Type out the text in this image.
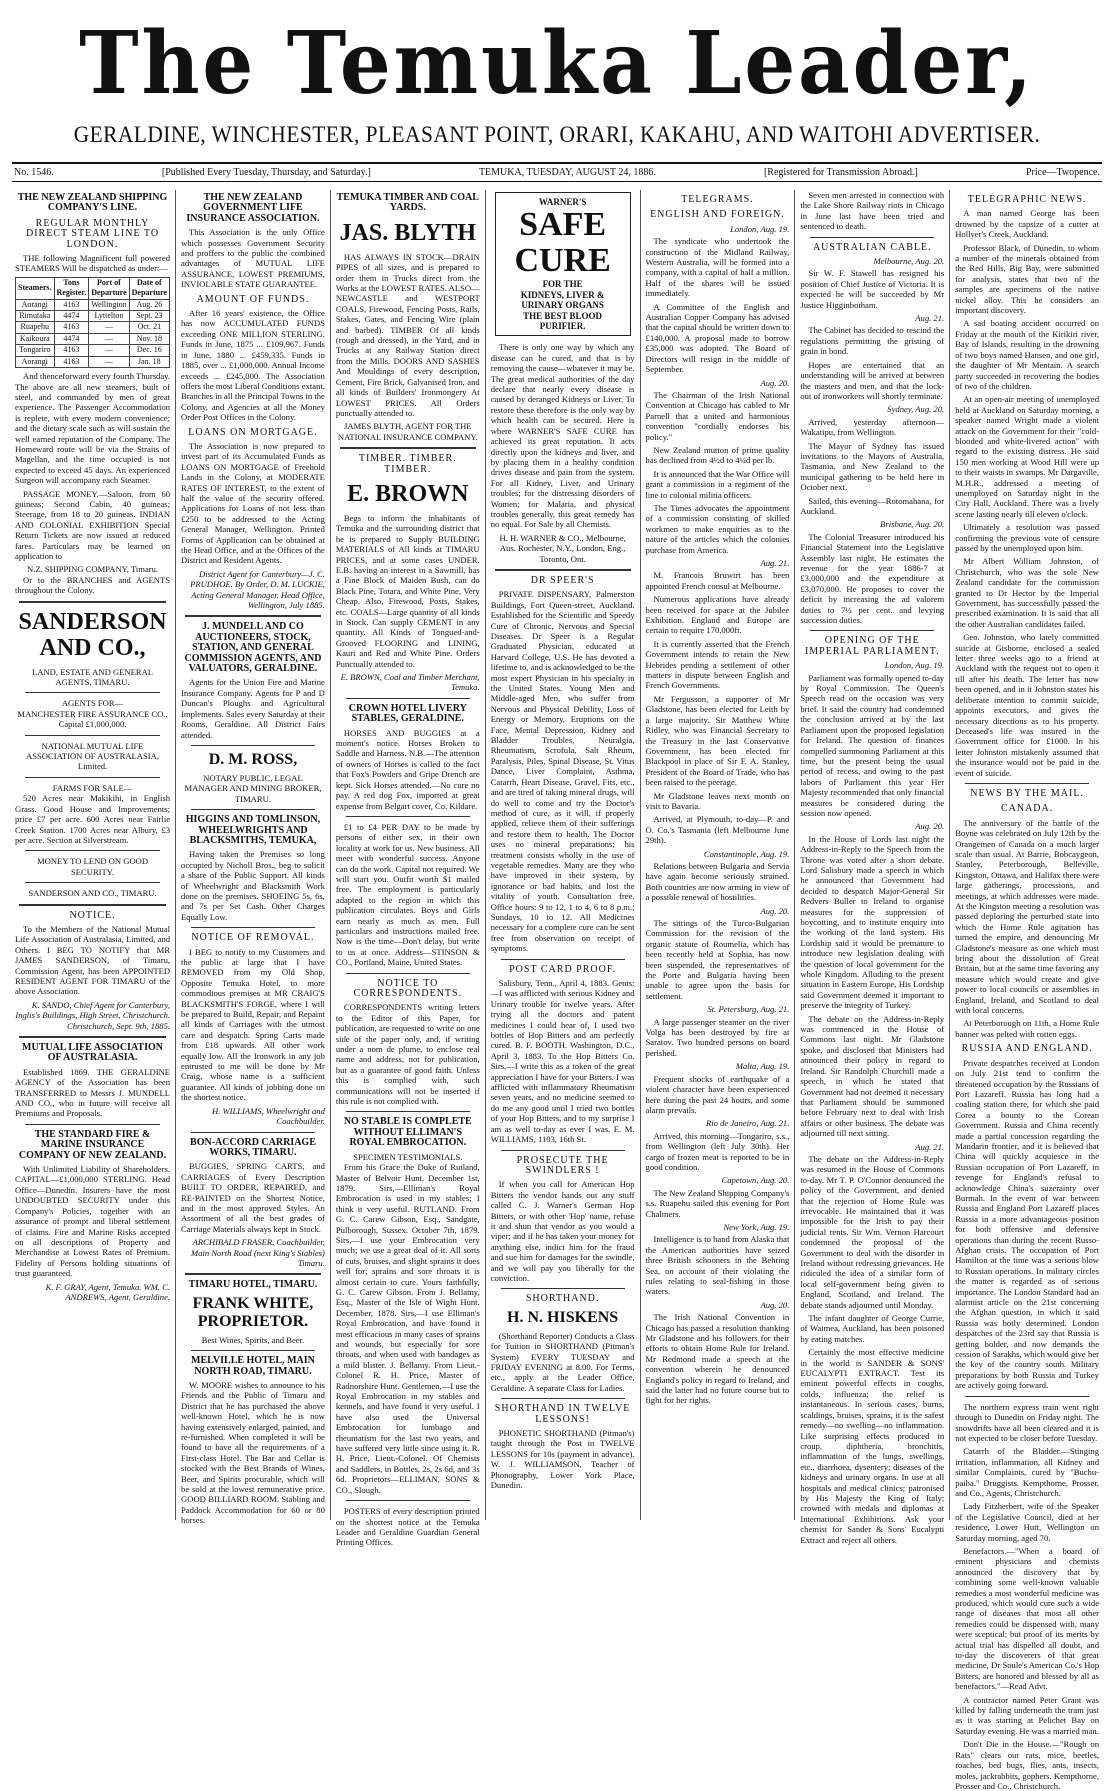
The Temuka Leader,
GERALDINE, WINCHESTER, PLEASANT POINT, ORARI, KAKAHU, AND WAITOHI ADVERTISER.
No. 1546.	[Published Every Tuesday, Thursday, and Saturday.]	TEMUKA, TUESDAY, AUGUST 24, 1886.	[Registered for Transmission Abroad.]	Price—Twopence.
THE NEW ZEALAND SHIPPING COMPANY'S LINE.
REGULAR MONTHLY DIRECT STEAM LINE TO LONDON.

THE following Magnificent full powered STEAMERS Will be dispatched as under:—

Steamers.	Tons Register.	Port of Departure	Date of Departure
Aorangi	4163	Wellington	Aug. 26
Rimutaka	4474	Lyttelton	Sept. 23
Ruapehu	4163	—	Oct. 21
Kaikoura	4474	—	Nov. 18
Tongariro	4163	—	Dec. 16
Aorangi	4163	—	Jan. 18

And thenceforward every fourth Thursday. The above are all new steamers, built of steel, and commanded by men of great experience. The Passenger Accommodation is replete, with every modern convenience; and the dietary scale such as will sustain the well earned reputation of the Company. The Homeward route will be via the Straits of Magellan, and the time occupied is not expected to exceed 45 days. An experienced Surgeon will accompany each Steamer.

PASSAGE MONEY.—Saloon, from 60 guineas; Second Cabin, 40 guineas; Steerage, from 18 to 20 guineas. INDIAN AND COLONIAL EXHIBITION Special Return Tickets are now issued at reduced fares. Particulars may be learned on application to

N.Z. SHIPPING COMPANY, Timaru.

Or to the BRANCHES and AGENTS throughout the Colony.

SANDERSON AND CO.,
LAND, ESTATE AND GENERAL AGENTS, TIMARU.
AGENTS FOR—
MANCHESTER FIRE ASSURANCE CO., Capital £1,000,000.
NATIONAL MUTUAL LIFE ASSOCIATION OF AUSTRALASIA, Limited.
FARMS FOR SALE—

520 Acres near Makikihi, in English Grass. Good House and Improvements; price £7 per acre. 600 Acres near Fairlie Creek Station. 1700 Acres near Albury, £3 per acre. Section at Silverstream.

MONEY TO LEND ON GOOD SECURITY.
SANDERSON AND CO., TIMARU.
NOTICE.

To the Members of the National Mutual Life Association of Australasia, Limited, and Others. I BEG TO NOTIFY that MR JAMES SANDERSON, of Timaru, Commission Agent, has been APPOINTED RESIDENT AGENT FOR TIMARU of the above Association.

K. SANDO, Chief Agent for Canterbury, Inglis's Buildings, High Street, Christchurch. Christchurch, Sept. 9th, 1885.
MUTUAL LIFE ASSOCIATION OF AUSTRALASIA.

Established 1869. THE GERALDINE AGENCY of the Association has been TRANSFERRED to Messrs J. MUNDELL AND CO., who in future will receive all Premiums and Proposals.

THE STANDARD FIRE & MARINE INSURANCE COMPANY OF NEW ZEALAND.

With Unlimited Liability of Shareholders. CAPITAL—£1,000,000 STERLING. Head Office—Dunedin. Insurers have the most UNDOUBTED SECURITY under this Company's Policies, together with an assurance of prompt and liberal settlement of claims. Fire and Marine Risks accepted on all descriptions of Property and Merchandise at Lowest Rates of Premium. Fidelity of Persons holding situations of trust guaranteed.

K. F. GRAY, Agent, Temuka. WM. C. ANDREWS, Agent, Geraldine.
THE NEW ZEALAND GOVERNMENT LIFE INSURANCE ASSOCIATION.

This Association is the only Office which possesses Government Security and proffers to the public the combined advantages of MUTUAL LIFE ASSURANCE, LOWEST PREMIUMS, INVIOLABLE STATE GUARANTEE.

AMOUNT OF FUNDS.

After 16 years' existence, the Office has now ACCUMULATED FUNDS exceeding ONE MILLION STERLING. Funds in June, 1875 ... £109,967. Funds in June, 1880 ... £459,335. Funds in 1885, over ... £1,000,000. Annual Income exceeds ... £245,000. The Association offers the most Liberal Conditions extant. Branches in all the Principal Towns in the Colony, and Agencies at all the Money Order Post Offices in the Colony.

LOANS ON MORTGAGE.

The Association is now prepared to invest part of its Accumulated Funds as LOANS ON MORTGAGE of Freehold Lands in the Colony, at MODERATE RATES OF INTEREST, to the extent of half the value of the security offered. Applications for Loans of not less than £250 to be addressed to the Acting General Manager, Wellington. Printed Forms of Application can be obtained at the Head Office, and at the Offices of the District and Resident Agents.

District Agent for Canterbury—J. C. PRUDHOE. By Order, D. M. LUCKIE, Acting General Manager. Head Office, Wellington, July 1885.
J. MUNDELL AND CO AUCTIONEERS, STOCK, STATION, AND GENERAL COMMISSION AGENTS, AND VALUATORS, GERALDINE.

Agents for the Union Fire and Marine Insurance Company. Agents for P and D Duncan's Ploughs and Agricultural Implements. Sales every Saturday at their Rooms, Geraldine. All District Fairs attended.

D. M. ROSS,
NOTARY PUBLIC, LEGAL MANAGER AND MINING BROKER, TIMARU.
HIGGINS AND TOMLINSON, WHEELWRIGHTS AND BLACKSMITHS, TEMUKA,

Having taken the Premises so long occupied by Nicholl Bros., beg to solicit a share of the Public Support. All kinds of Wheelwright and Blacksmith Work done on the premises. SHOEING 5s, 6s, and 7s per Set Cash. Other Charges Equally Low.

NOTICE OF REMOVAL.

I BEG to notify to my Customers and the public at large that I have REMOVED from my Old Shop, Opposite Temuka Hotel, to more commodious premises at MR CRAIG'S BLACKSMITH'S FORGE, where I will be prepared to Build, Repair, and Repaint all kinds of Carriages with the utmost care and despatch. Spring Carts made from £18 upwards. All other work equally low. All the Ironwork in any job entrusted to me will be done by Mr Craig, whose name is a sufficient guarantee. All kinds of jobbing done on the shortest notice.

H. WILLIAMS, Wheelwright and Coachbuilder.
BON-ACCORD CARRIAGE WORKS, TIMARU.

BUGGIES, SPRING CARTS, and CARRIAGES of Every Description BUILT TO ORDER, REPAIRED, and RE-PAINTED on the Shortest Notice, and in the most approved Styles. An Assortment of all the best grades of Carriage Materials always kept in Stock.

ARCHIBALD FRASER, Coachbuilder, Main North Road (next King's Stables) Timaru.
TIMARU HOTEL, TIMARU.
FRANK WHITE, PROPRIETOR.
Best Wines, Spirits, and Beer.
MELVILLE HOTEL, MAIN NORTH ROAD, TIMARU.

W. MOORE wishes to announce to his Friends and the Public of Timaru and District that he has purchased the above well-known Hotel, which he is now having extensively enlarged, painted, and re-furnished. When completed it will be found to have all the requirements of a First-class Hotel. The Bar and Cellar is stocked with the Best Brands of Wines, Beer, and Spirits procurable, which will be sold at the lowest remunerative price. GOOD BILLIARD ROOM. Stabling and Paddock Accommodation for 60 or 80 horses.

TEMUKA TIMBER AND COAL YARDS.
JAS. BLYTH

HAS ALWAYS IN STOCK—DRAIN PIPES of all sizes, and is prepared to order them in Trucks direct from the Works at the LOWEST RATES. ALSO—NEWCASTLE and WESTPORT COALS, Firewood, Fencing Posts, Rails, Stakes, Gates, and Fencing Wire (plain and barbed). TIMBER Of all kinds (rough and dressed), in the Yard, and in Trucks at any Railway Station direct from the Mills. DOORS AND SASHES And Mouldings of every description, Cement, Fire Brick, Galvanised Iron, and all kinds of Builders' Ironmongery At LOWEST PRICES. All Orders punctually attended to.

JAMES BLYTH, AGENT FOR THE NATIONAL INSURANCE COMPANY.
TIMBER. TIMBER. TIMBER.
E. BROWN

Begs to inform the inhabitants of Temuka and the surrounding district that he is prepared to Supply BUILDING MATERIALS of All kinds at TIMARU PRICES, and at some cases UNDER. E.B. having an interest in a Sawmill, has a Fine Block of Maiden Bush, can do Black Pine, Totara, and White Pine, Very Cheap. Also, Firewood, Posts, Stakes, etc. COALS—Large quantity of all kinds in Stock. Can supply CEMENT in any quantity. All Kinds of Tongued-and-Grooved FLOORING and LINING, Kauri and Red and White Pine. Orders Punctually attended to.

E. BROWN, Coal and Timber Merchant, Temuka.
CROWN HOTEL LIVERY STABLES, GERALDINE.

HORSES AND BUGGIES at a moment's notice. Horses Broken to Saddle and Harness. N.B.—The attention of owners of Horses is called to the fact that Fox's Powders and Gripe Drench are kept. Sick Horses attended.—No cure no pay. A red dog Fox, imported at great expense from Belgart cover, Co. Kildare.

£1 to £4 PER DAY to be made by persons of either sex, in their own locality at work for us. New business. All meet with wonderful success. Anyone can do the work. Capital not required. We will start you. Outfit worth $1 mailed free. The employment is particularly adapted to the region in which this publication circulates. Boys and Girls earn nearly as much as men. Full particulars and instructions mailed free. Now is the time—Don't delay, but write to us at once. Address—STINSON & CO., Portland, Maine, United States.

NOTICE TO CORRESPONDENTS.

CORRESPONDENTS writing letters to the Editor of this Paper, for publication, are requested to write on one side of the paper only, and, if writing under a nom de plume, to enclose real name and address, not for publication, but as a guarantee of good faith. Unless this is complied with, such communications will not be inserted if this rule is not complied with.

NO STABLE IS COMPLETE WITHOUT ELLIMAN'S ROYAL EMBROCATION.
SPECIMEN TESTIMONIALS.

From his Grace the Duke of Rutland, Master of Belvoir Hunt. December 1st, 1879. Sirs,—Elliman's Royal Embrocation is used in my stables; I think it very useful. RUTLAND. From G. C. Carew Gibson, Esq., Sandgate, Pulborough, Sussex. October 7th, 1879. Sirs,—I use your Embrocation very much; we use a great deal of it. All sorts of cuts, bruises, and slight sprains it does well for; sprains and sore throats it is almost certain to cure. Yours faithfully, G. C. Carew Gibson. From J. Bellamy, Esq., Master of the Isle of Wight Hunt. December, 1878. Sirs,—I use Elliman's Royal Embrocation, and have found it most efficacious in many cases of sprains and wounds, but especially for sore throats, and when used with bandages as a mild blister. J. Bellamy. From Lieut.-Colonel R. H. Price, Master of Radnorshire Hunt. Gentlemen,—I use the Royal Embrocation in my stables and kennels, and have found it very useful. I have also used the Universal Embrocation for lumbago and rheumatism for the last two years, and have suffered very little since using it. R. H. Price, Lieut.-Colonel. Of Chemists and Saddlers, in Bottles, 2s, 2s 6d, and 3s 6d. Proprietors—ELLIMAN, SONS & CO., Slough.

POSTERS of every description printed on the shortest notice at the Temuka Leader and Geraldine Guardian General Printing Offices.

WARNER'S
SAFE
CURE
FOR THE
KIDNEYS, LIVER & URINARY ORGANS
THE BEST BLOOD PURIFIER.

There is only one way by which any disease can be cured, and that is by removing the cause—whatever it may be. The great medical authorities of the day declare that nearly every disease is caused by deranged Kidneys or Liver. To restore these therefore is the only way by which health can be secured. Here is where WARNER'S SAFE CURE has achieved its great reputation. It acts directly upon the kidneys and liver, and by placing them in a healthy condition drives disease and pain from the system. For all Kidney, Liver, and Urinary troubles; for the distressing disorders of Women; for Malaria, and physical troubles generally, this great remedy has no equal. For Sale by all Chemists.

H. H. WARNER & CO., Melbourne, Aus. Rochester, N.Y., London, Eng., Toronto, Ont.
DR SPEER'S

PRIVATE DISPENSARY, Palmerston Buildings, Fort Queen-street, Auckland. Established for the Scientific and Speedy Cure of Chronic, Nervous and Special Diseases. Dr Speer is a Regular Graduated Physician, educated at Harvard College, U.S. He has devoted a lifetime to, and is acknowledged to be the most expert Physician in his specialty in the United States. Young Men and Middle-aged Men, who suffer from Nervous and Physical Debility, Loss of Energy or Memory, Eruptions on the Face, Mental Depression, Kidney and Bladder Troubles, Neuralgia, Rheumatism, Scrofula, Salt Rheum, Paralysis, Piles, Spinal Disease, St. Vitus Dance, Liver Complaint, Asthma, Catarrh, Heart Disease, Gravel, Fits, etc., and are tired of taking mineral drugs, will do well to come and try the Doctor's method of cure, as it will, if properly applied, relieve them of their sufferings and restore them to health. The Doctor uses no mineral preparations; his treatment consists wholly in the use of vegetable remedies. Many are they who have improved in their system, by ignorance or bad habits, and lost the vitality of youth. Consultation free. Office hours: 9 to 12, 1 to 4, 6 to 8 p.m.; Sundays, 10 to 12. All Medicines necessary for a complete cure can be sent free from observation on receipt of symptoms.

POST CARD PROOF.

Salisbury, Tenn., April 4, 1883. Gents:—I was afflicted with serious Kidney and Urinary trouble for twelve years. After trying all the doctors and patent medicines I could hear of, I used two bottles of Hop Bitters and am perfectly cured. B. F. BOOTH. Washington, D.C., April 3, 1883. To the Hop Bitters Co. Sirs,—I write this as a token of the great appreciation I have for your Bitters. I was afflicted with inflammatory Rheumatism seven years, and no medicine seemed to do me any good until I tried two bottles of your Hop Bitters, and to my surprise I am as well to-day as ever I was. E. M. WILLIAMS, 1103, 16th St.

PROSECUTE THE SWINDLERS !

If when you call for American Hop Bitters the vendor hands out any stuff called C. J. Warner's German Hop Bitters, or with other 'Hop' name, refuse it and shun that vendor as you would a viper; and if he has taken your money for anything else, indict him for the fraud and sue him for damages for the swindle, and we will pay you liberally for the conviction.

SHORTHAND.
H. N. HISKENS

(Shorthand Reporter) Conducts a Class for Tuition in SHORTHAND (Pitman's System) EVERY TUESDAY and FRIDAY EVENING at 8.00. For Terms, etc., apply at the Leader Office, Geraldine. A separate Class for Ladies.

SHORTHAND IN TWELVE LESSONS!

PHONETIC SHORTHAND (Pitman's) taught through the Post in TWELVE LESSONS for 10s (payment in advance). W. J. WILLIAMSON, Teacher of Phonography, Lower York Place, Dunedin.

TELEGRAMS.
ENGLISH AND FOREIGN.
London, Aug. 19.

The syndicate who undertook the construction of the Midland Railway, Western Australia, will be formed into a company, with a capital of half a million. Half of the shares will be issued immediately.

A Committee of the English and Australian Copper Company has advised that the capital should be written down to £140,000. A proposal made to borrow £35,000 was adopted. The Board of Directors will resign in the middle of September.

Aug. 20.

The Chairman of the Irish National Convention at Chicago has cabled to Mr Parnell that a united and harmonious convention "cordially endorses his policy."

New Zealand mutton of prime quality has declined from 4½d to 4¼d per lb.

It is announced that the War Office will grant a commission in a regiment of the line to colonial militia officers.

The Times advocates the appointment of a commission consisting of skilled workmen to make enquiries as to the nature of the articles which the colonies purchase from America.

Aug. 21.

M. Francois Bruwirt has been appointed French consul at Melbourne.

Numerous applications have already been received for space at the Jubilee Exhibition. England and Europe are certain to require 170,000ft.

It is currently asserted that the French Government intends to retain the New Hebrides pending a settlement of other matters in dispute between English and French Governments.

Mr Fergusson, a supporter of Mr Gladstone, has been elected for Leith by a large majority. Sir Matthew White Ridley, who was Financial Secretary to the Treasury in the last Conservative Government, has been elected for Blackpool in place of Sir F. A. Stanley, President of the Board of Trade, who has been raised to the peerage.

Mr Gladstone leaves next month on visit to Bavaria.

Arrived, at Plymouth, to-day—P. and O. Co.'s Tasmania (left Melbourne June 29th).

Constantinople, Aug. 19.

Relations between Bulgaria and Servia have again become seriously strained. Both countries are now arming in view of a possible renewal of hostilities.

Aug. 20.

The sittings of the Turco-Bulgarian Commission for the revision of the organic statute of Roumelia, which has been recently held at Sophia, has now been suspended, the representatives of the Porte and Bulgaria having been unable to agree upon the basis for settlement.

St. Petersburg, Aug. 21.

A large passenger steamer on the river Volga has been destroyed by fire at Saratov. Two hundred persons on board perished.

Malta, Aug. 19.

Frequent shocks of earthquake of a violent character have been experienced here during the past 24 hours, and some alarm prevails.

Rio de Janeiro, Aug. 21.

Arrived, this morning—Tongariro, s.s., from Wellington (left July 30th). Her cargo of frozen meat is reported to be in good condition.

Capetown, Aug. 20.

The New Zealand Shipping Company's s.s. Ruapehu sailed this evening for Port Chalmers.

New York, Aug. 19.

Intelligence is to hand from Alaska that the American authorities have seized three British schooners in the Behring Sea, on account of their violating the rules relating to seal-fishing in those waters.

Aug. 20.

The Irish National Convention in Chicago has passed a resolution thanking Mr Gladstone and his followers for their efforts to obtain Home Rule for Ireland. Mr Redmond made a speech at the convention wherein he denounced England's policy in regard to Ireland, and said the latter had no future course but to fight for her rights.

Seven men arrested in connection with the Lake Shore Railway riots in Chicago in June last have been tried and sentenced to death.

AUSTRALIAN CABLE.
Melbourne, Aug. 20.

Sir W. F. Stawell has resigned his position of Chief Justice of Victoria. It is expected he will be succeeded by Mr Justice Higginbotham.

Aug. 21.

The Cabinet has decided to rescind the regulations permitting the gristing of grain in bond.

Hopes are entertained that an understanding will be arrived at between the masters and men, and that the lock-out of ironworkers will shortly terminate.

Sydney, Aug. 20.

Arrived, yesterday afternoon—Wakatipu, from Wellington.

The Mayor of Sydney has issued invitations to the Mayors of Australia, Tasmania, and New Zealand to the municipal gathering to be held here in October next.

Sailed, this evening—Rotomahana, for Auckland.

Brisbane, Aug. 20.

The Colonial Treasurer introduced his Financial Statement into the Legislative Assembly last night. He estimates the revenue for the year 1886-7 at £3,000,000 and the expenditure at £3,070,000. He proposes to cover the deficit by increasing the ad valorem duties to 7½ per cent. and levying succession duties.

OPENING OF THE IMPERIAL PARLIAMENT.
London, Aug. 19.

Parliament was formally opened to-day by Royal Commission. The Queen's Speech read on the occasion was very brief. It said the country had condemned the conclusion arrived at by the last Parliament upon the proposed legislation for Ireland. The question of finances compelled summoning Parliament at this time, but the present being the usual period of recess, and owing to the past labors of Parliament this year Her Majesty recommended that only financial measures be considered during the session now opened.

Aug. 20.

In the House of Lords last night the Address-in-Reply to the Speech from the Throne was voted after a short debate. Lord Salisbury made a speech in which he announced that Government had decided to despatch Major-General Sir Redvers Buller to Ireland to organise measures for the suppression of boycotting, and to institute enquiry into the working of the land system. His Lordship said it would be premature to introduce new legislation dealing with the question of local government for the whole Kingdom. Alluding to the present situation in Eastern Europe, His Lordship said Government deemed it important to preserve the integrity of Turkey.

The debate on the Address-in-Reply was commenced in the House of Commons last night. Mr Gladstone spoke, and disclosed that Ministers had announced their policy in regard to Ireland. Sir Randolph Churchill made a speech, in which he stated that Government had not deemed it necessary that Parliament should be summoned before February next to deal with Irish affairs or other business. The debate was adjourned till next sitting.

Aug. 21.

The debate on the Address-in-Reply was resumed in the House of Commons to-day. Mr T. P. O'Connor denounced the policy of the Government, and denied that the rejection of Home Rule was irrevocable. He maintained that it was impossible for the Irish to pay their judicial rents. Sir Wm. Vernon Harcourt condemned the proposal of the Government to deal with the disorder in Ireland without redressing grievances. He ridiculed the idea of a similar form of local self-government being given to England, Scotland, and Ireland. The debate stands adjourned until Monday.

The infant daughter of George Currie, of Waimea, Auckland, has been poisoned by eating matches.

Certainly the most effective medicine in the world is SANDER & SONS' EUCALYPTI EXTRACT. Test its eminent powerful effects in coughs, colds, influenza; the relief is instantaneous. In serious cases, burns, scaldings, bruises, sprains, it is the safest remedy—no swelling—no inflammation. Like surprising effects produced in croup, diphtheria, bronchitis, inflammation of the lungs, swellings, etc., diarrhoea, dysentery; diseases of the kidneys and urinary organs. In use at all hospitals and medical clinics; patronised by His Majesty the King of Italy; crowned with medals and diplomas at International Exhibitions. Ask your chemist for Sander & Sons' Eucalypti Extract and reject all others.

TELEGRAPHIC NEWS.

A man named George has been drowned by the capsize of a cutter at Hollyer's Creek, Auckland.

Professor Black, of Dunedin, to whom a number of the minerals obtained from the Red Hills, Big Bay, were submitted for analysis, states that two of the samples are specimens of the native nickel alloy. This he considers an important discovery.

A sad boating accident occurred on Friday at the mouth of the Kirikiri river, Bay of Islands, resulting in the drowning of two boys named Hansen, and one girl, the daughter of Mr Mentain. A search party succeeded in recovering the bodies of two of the children.

At an open-air meeting of unemployed held at Auckland on Saturday morning, a speaker named Wright made a violent attack on the Government for their "cold-blooded and white-livered action" with regard to the existing distress. He said 150 men working at Wood Hill were up to their waists in swamps. Mr Dargaville, M.H.R., addressed a meeting of unemployed on Saturday night in the City Hall, Auckland. There was a lively scene lasting nearly till eleven o'clock.

Ultimately a resolution was passed confirming the previous vote of censure passed by the unemployed upon him.

Mr Albert William Johnston, of Christchurch, who was the sole New Zealand candidate for the commission granted to Dr Hector by the Imperial Government, has successfully passed the prescribed examination. It is said that all the other Australian candidates failed.

Geo. Johnston, who lately committed suicide at Gisborne, enclosed a sealed letter three weeks ago to a friend at Auckland with the request not to open it till after his death. The letter has now been opened, and in it Johnston states his deliberate intention to commit suicide, appoints executors, and gives the necessary directions as to his property. Deceased's life was insured in the Government office for £1000. In his letter Johnston mistakenly assumed that the insurance would not be paid in the event of suicide.

NEWS BY THE MAIL.
CANADA.

The anniversary of the battle of the Boyne was celebrated on July 12th by the Orangemen of Canada on a much larger scale than usual. At Barrie, Bobcaygeon, Stanley, Peterborough, Belleville, Kingston, Ottawa, and Halifax there were large gatherings, processions, and meetings, at which addresses were made. At the Kingston meeting a resolution was passed deploring the perturbed state into which the Home Rule agitation has turned the empire, and denouncing Mr Gladstone's measure as one which must bring about the dissolution of Great Britain, but at the same time favoring any measure which would create and give power to local councils or assemblies in England, Ireland, and Scotland to deal with local concerns.

At Peterborough on 11th, a Home Rule banner was pelted with rotten eggs.

RUSSIA AND ENGLAND.

Private despatches received at London on July 21st tend to confirm the threatened occupation by the Russians of Port Lazareff. Russia has long had a coaling station there, for which she paid Corea a bounty to the Corean Government. Russia and China recently made a partial concession regarding the Mandarin frontier, and it is believed that China will quickly acquiesce in the Russian occupation of Port Lazareff, in revenge for England's refusal to acknowledge China's suzerainty over Burmah. In the event of war between Russia and England Port Lazareff places Russia in a more advantageous position for both offensive and defensive operations than during the recent Russo-Afghan crisis. The occupation of Port Hamilton at the time was a serious blow to Russian operations. In military circles the matter is regarded as of serious importance. The London Standard had an alarmist article on the 21st concerning the Afghan question, in which it said Russia was hotly determined. London despatches of the 23rd say that Russia is getting bolder, and now demands the cession of Sarakhs, which would give her the key of the country south. Military preparations by both Russia and Turkey are actively going forward.

The northern express train went right through to Dunedin on Friday night. The snowdrifts have all been cleared and it is not expected to be closer before Tuesday.

Catarrh of the Bladder.—Stinging irritation, inflammation, all Kidney and similar Complaints, cured by "Buchu-paiba." Druggists. Kempthorne, Prosser, and Co., Agents, Christchurch.

Lady Fitzherbert, wife of the Speaker of the Legislative Council, died at her residence, Lower Hutt, Wellington on Saturday morning, aged 70.

Benefactors.—"When a board of eminent physicians and chemists announced the discovery that by combining some well-known valuable remedies a most wonderful medicine was produced, which would cure such a wide range of diseases that most all other remedies could be dispensed with, many were sceptical; but proof of its merits by actual trial has dispelled all doubt, and to-day the discoverers of that great medicine, Dr Soule's American Co.'s Hop Bitters, are honored and blessed by all as benefactors."—Read Advt.

A contractor named Peter Grant was killed by falling underneath the tram just as it was starting at Pelichet Bay on Saturday evening. He was a married man.

Don't Die in the House.—"Rough on Rats" clears out rats, mice, beetles, roaches, bed bugs, flies, ants, insects, moles, jackrabbits, gophers. Kempthorne, Prosser and Co., Christchurch.
